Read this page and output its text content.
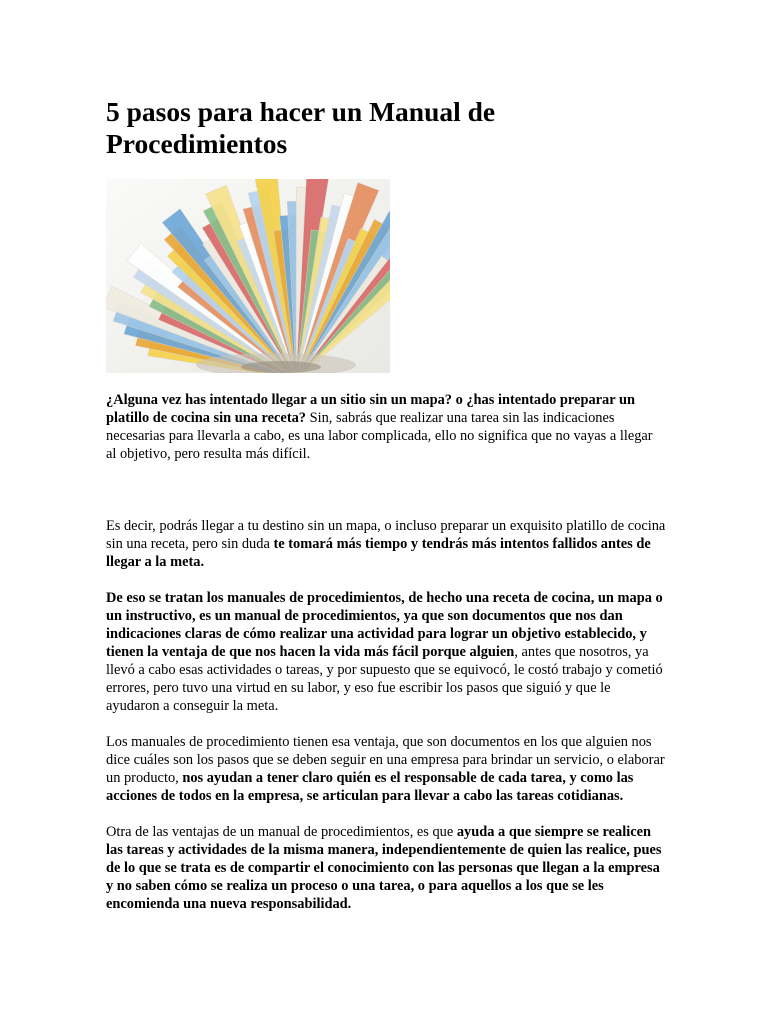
5 pasos para hacer un Manual de Procedimientos

¿Alguna vez has intentado llegar a un sitio sin un mapa? o ¿has intentado preparar un platillo de cocina sin una receta? Sin, sabrás que realizar una tarea sin las indicaciones necesarias para llevarla a cabo, es una labor complicada, ello no significa que no vayas a llegar al objetivo, pero resulta más difícil.

Es decir, podrás llegar a tu destino sin un mapa, o incluso preparar un exquisito platillo de cocina sin una receta, pero sin duda te tomará más tiempo y tendrás más intentos fallidos antes de llegar a la meta.

De eso se tratan los manuales de procedimientos, de hecho una receta de cocina, un mapa o un instructivo, es un manual de procedimientos, ya que son documentos que nos dan indicaciones claras de cómo realizar una actividad para lograr un objetivo establecido, y tienen la ventaja de que nos hacen la vida más fácil porque alguien, antes que nosotros, ya llevó a cabo esas actividades o tareas, y por supuesto que se equivocó, le costó trabajo y cometió errores, pero tuvo una virtud en su labor, y eso fue escribir los pasos que siguió y que le ayudaron a conseguir la meta.

Los manuales de procedimiento tienen esa ventaja, que son documentos en los que alguien nos dice cuáles son los pasos que se deben seguir en una empresa para brindar un servicio, o elaborar un producto, nos ayudan a tener claro quién es el responsable de cada tarea, y como las acciones de todos en la empresa, se articulan para llevar a cabo las tareas cotidianas.

Otra de las ventajas de un manual de procedimientos, es que ayuda a que siempre se realicen las tareas y actividades de la misma manera, independientemente de quien las realice, pues de lo que se trata es de compartir el conocimiento con las personas que llegan a la empresa y no saben cómo se realiza un proceso o una tarea, o para aquellos a los que se les encomienda una nueva responsabilidad.
